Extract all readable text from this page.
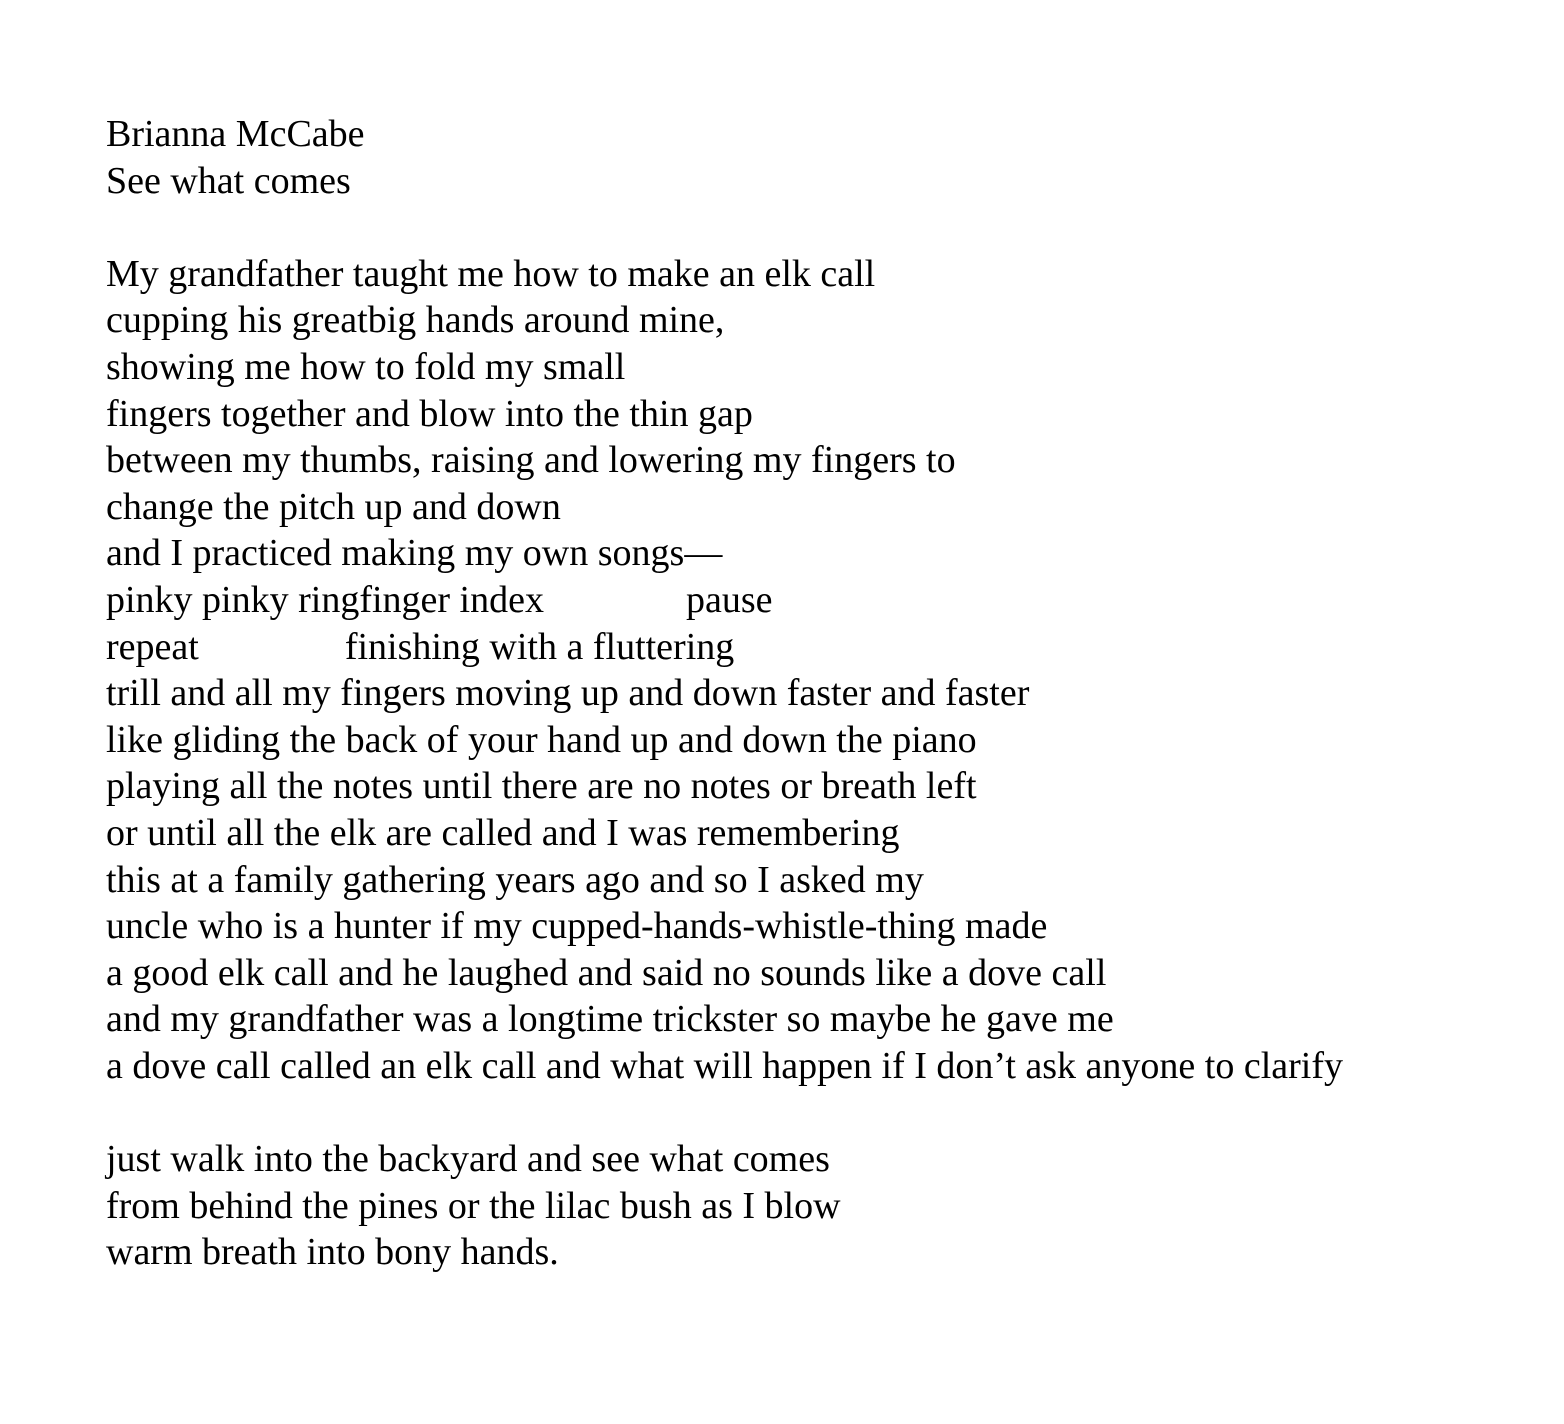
Brianna McCabe

See what comes

My grandfather taught me how to make an elk call

cupping his greatbig hands around mine,

showing me how to fold my small

fingers together and blow into the thin gap

between my thumbs, raising and lowering my fingers to

change the pitch up and down

and I practiced making my own songs—

pinky pinky ringfinger index	pause

repeat	finishing with a fluttering

trill and all my fingers moving up and down faster and faster

like gliding the back of your hand up and down the piano

playing all the notes until there are no notes or breath left

or until all the elk are called and I was remembering

this at a family gathering years ago and so I asked my

uncle who is a hunter if my cupped-hands-whistle-thing made

a good elk call and he laughed and said no sounds like a dove call

and my grandfather was a longtime trickster so maybe he gave me

a dove call called an elk call and what will happen if I don’t ask anyone to clarify

just walk into the backyard and see what comes

from behind the pines or the lilac bush as I blow

warm breath into bony hands.
